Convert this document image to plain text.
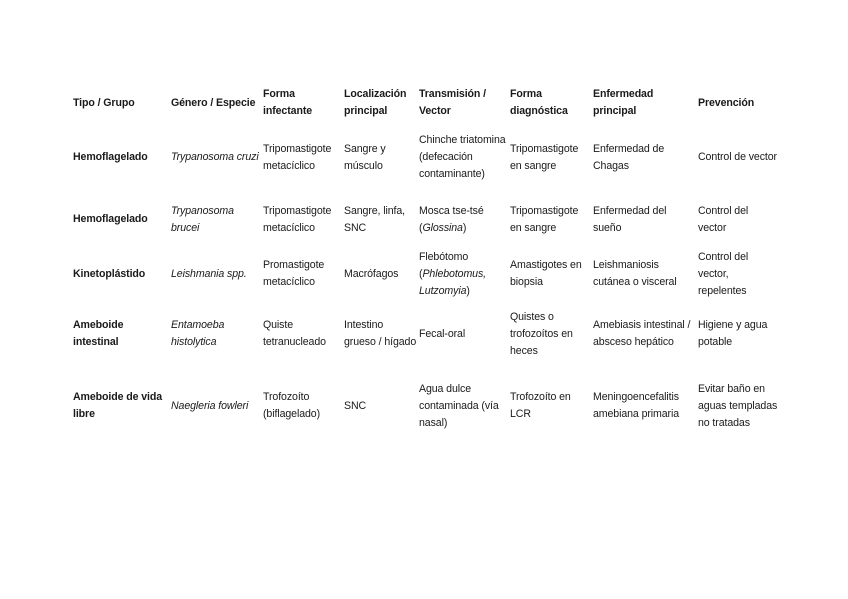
Tipo / Grupo	Género / Especie	Forma infectante	Localización principal	Transmisión / Vector	Forma diagnóstica	Enfermedad principal	Prevención
Hemoflagelado	Trypanosoma cruzi	Tripomastigote metacíclico	Sangre y músculo	Chinche triatomina (defecación contaminante)	Tripomastigote en sangre	Enfermedad de Chagas	Control de vector
Hemoflagelado	Trypanosoma brucei	Tripomastigote metacíclico	Sangre, linfa, SNC	Mosca tse-tsé (Glossina)	Tripomastigote en sangre	Enfermedad del sueño	Control del vector
Kinetoplástido	Leishmania spp.	Promastigote metacíclico	Macrófagos	Flebótomo (Phlebotomus, Lutzomyia)	Amastigotes en biopsia	Leishmaniosis cutánea o visceral	Control del vector, repelentes
Ameboide intestinal	Entamoeba histolytica	Quiste tetranucleado	Intestino grueso / hígado	Fecal-oral	Quistes o trofozoítos en heces	Amebiasis intestinal / absceso hepático	Higiene y agua potable
Ameboide de vida libre	Naegleria fowleri	Trofozoíto (biflagelado)	SNC	Agua dulce contaminada (vía nasal)	Trofozoíto en LCR	Meningoencefalitis amebiana primaria	Evitar baño en aguas templadas no tratadas
